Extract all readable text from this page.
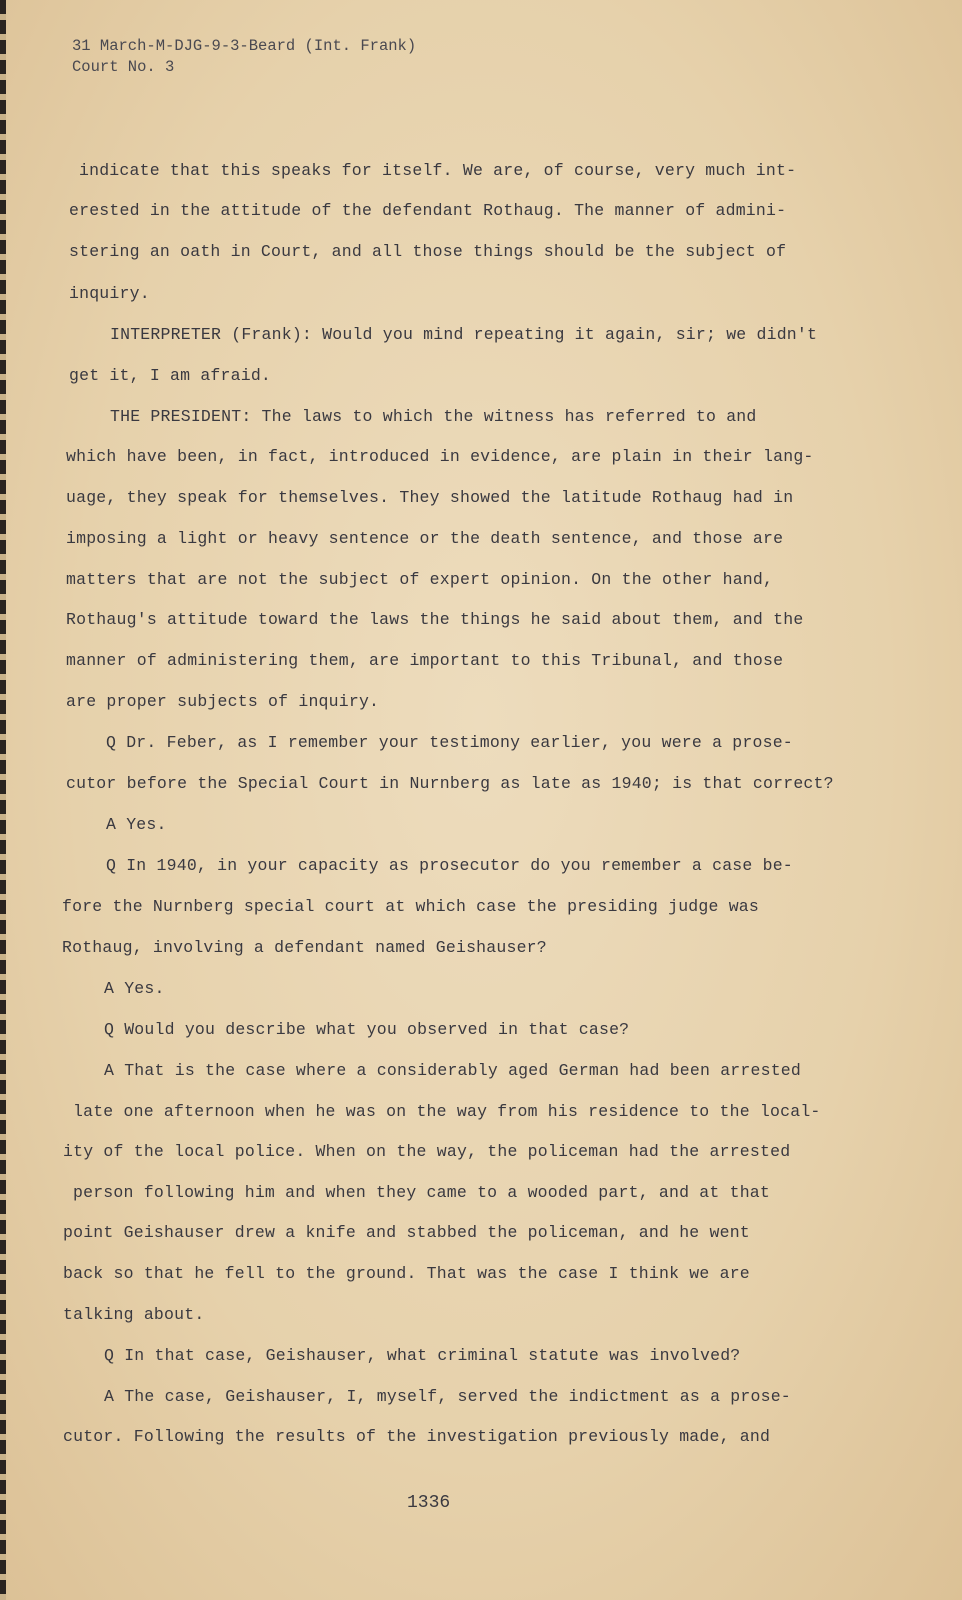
31 March-M-DJG-9-3-Beard (Int. Frank)
Court No. 3
indicate that this speaks for itself. We are, of course, very much int-
erested in the attitude of the defendant Rothaug. The manner of admini-
stering an oath in Court, and all those things should be the subject of
inquiry.
INTERPRETER (Frank): Would you mind repeating it again, sir; we didn't
get it, I am afraid.
THE PRESIDENT: The laws to which the witness has referred to and
which have been, in fact, introduced in evidence, are plain in their lang-
uage, they speak for themselves. They showed the latitude Rothaug had in
imposing a light or heavy sentence or the death sentence, and those are
matters that are not the subject of expert opinion. On the other hand,
Rothaug's attitude toward the laws the things he said about them, and the
manner of administering them, are important to this Tribunal, and those
are proper subjects of inquiry.
Q Dr. Feber, as I remember your testimony earlier, you were a prose-
cutor before the Special Court in Nurnberg as late as 1940; is that correct?
A Yes.
Q In 1940, in your capacity as prosecutor do you remember a case be-
fore the Nurnberg special court at which case the presiding judge was
Rothaug, involving a defendant named Geishauser?
A Yes.
Q Would you describe what you observed in that case?
A That is the case where a considerably aged German had been arrested
late one afternoon when he was on the way from his residence to the local-
ity of the local police. When on the way, the policeman had the arrested
person following him and when they came to a wooded part, and at that
point Geishauser drew a knife and stabbed the policeman, and he went
back so that he fell to the ground. That was the case I think we are
talking about.
Q In that case, Geishauser, what criminal statute was involved?
A The case, Geishauser, I, myself, served the indictment as a prose-
cutor. Following the results of the investigation previously made, and
1336
